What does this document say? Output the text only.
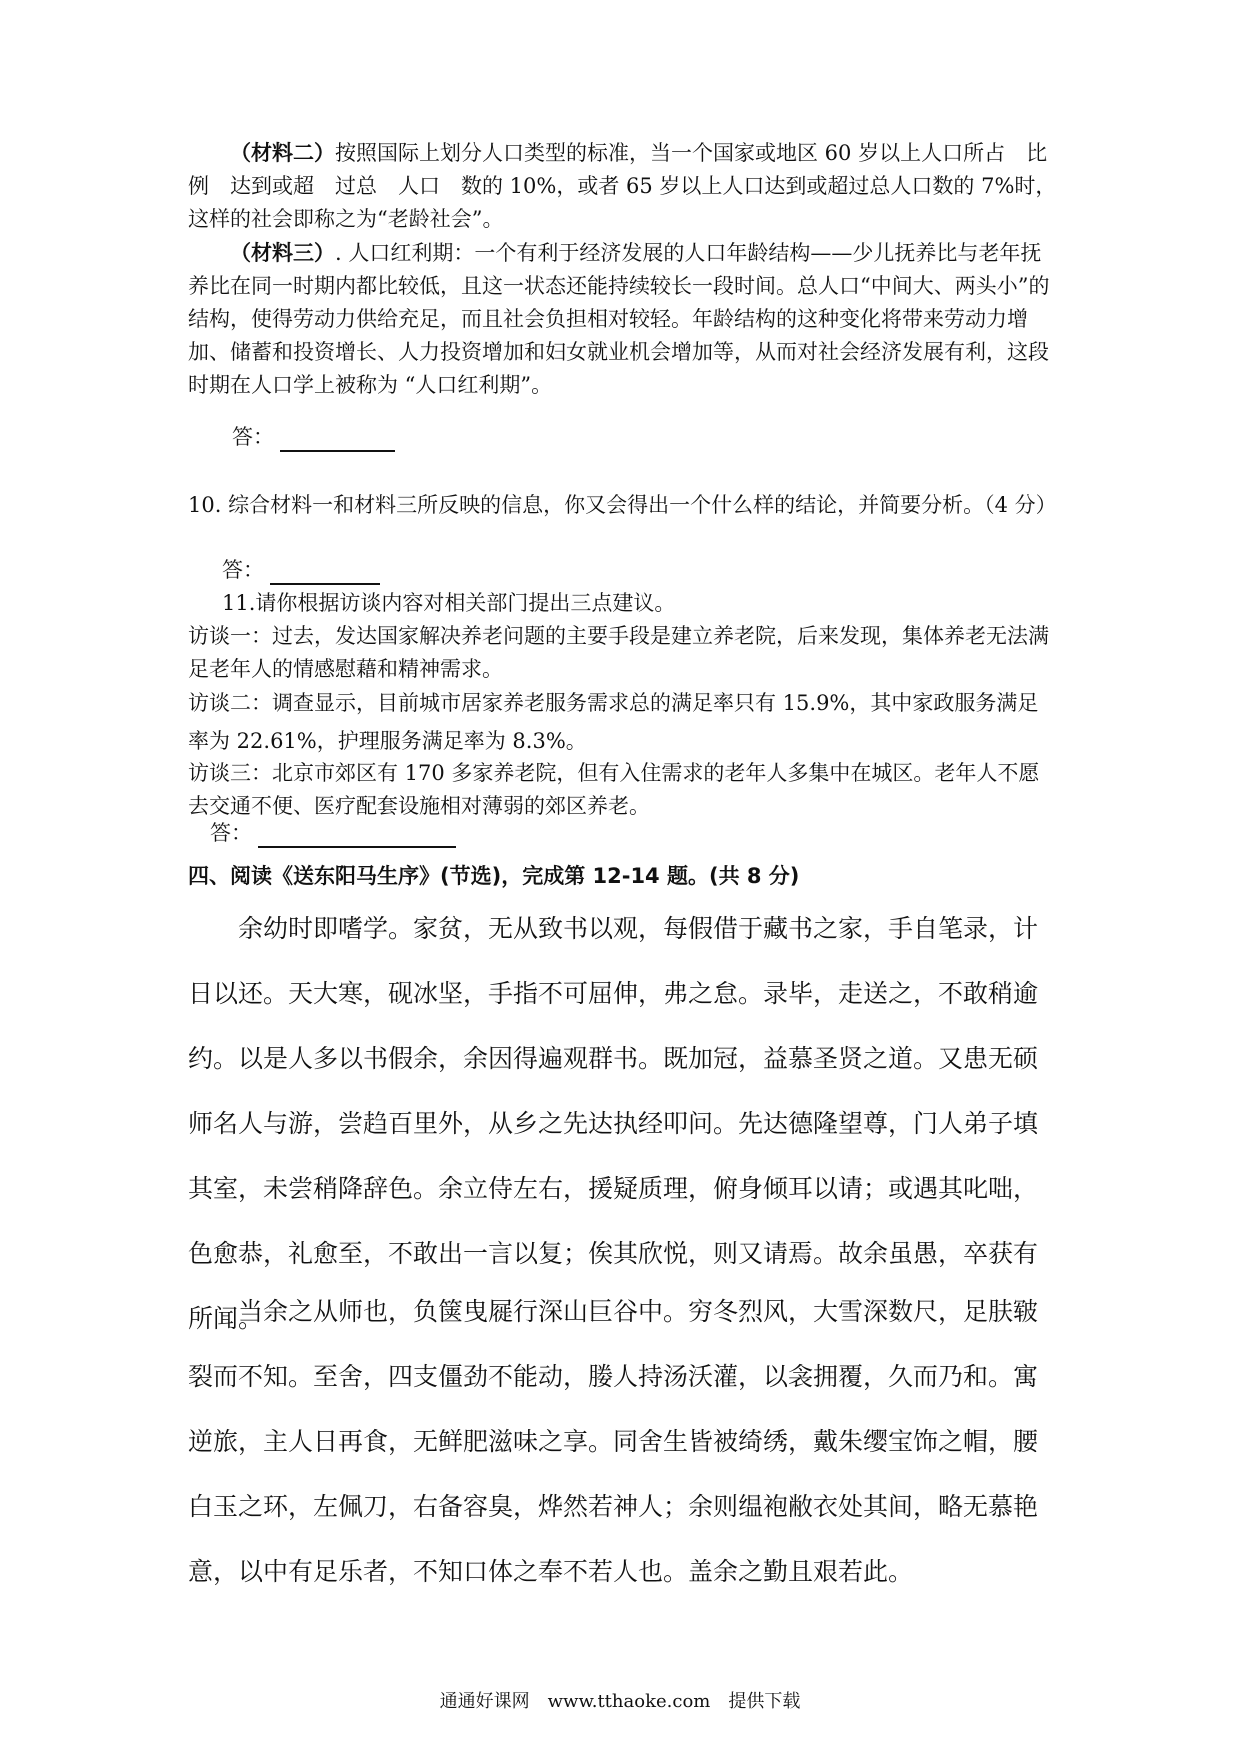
（材料二）按照国际上划分人口类型的标准，当一个国家或地区 60 岁以上人口所占　比例　达到或超　过总　人口　数的 10%，或者 65 岁以上人口达到或超过总人口数的 7%时，这样的社会即称之为“老龄社会”。

（材料三）. 人口红利期：一个有利于经济发展的人口年龄结构——少儿抚养比与老年抚养比在同一时期内都比较低，且这一状态还能持续较长一段时间。总人口“中间大、两头小”的结构，使得劳动力供给充足，而且社会负担相对较轻。年龄结构的这种变化将带来劳动力增加、储蓄和投资增长、人力投资增加和妇女就业机会增加等，从而对社会经济发展有利，这段时期在人口学上被称为 “人口红利期”。

答：

10. 综合材料一和材料三所反映的信息，你又会得出一个什么样的结论，并简要分析。（4 分）

答：

11.请你根据访谈内容对相关部门提出三点建议。

访谈一：过去，发达国家解决养老问题的主要手段是建立养老院，后来发现，集体养老无法满足老年人的情感慰藉和精神需求。

访谈二：调查显示，目前城市居家养老服务需求总的满足率只有 15.9%，其中家政服务满足率为 22.61%，护理服务满足率为 8.3%。

访谈三：北京市郊区有 170 多家养老院，但有入住需求的老年人多集中在城区。老年人不愿去交通不便、医疗配套设施相对薄弱的郊区养老。

答：

四、阅读《送东阳马生序》(节选)，完成第 12-14 题。(共 8 分)

余幼时即嗜学。家贫，无从致书以观，每假借于藏书之家，手自笔录，计日以还。天大寒，砚冰坚，手指不可屈伸，弗之怠。录毕，走送之，不敢稍逾约。以是人多以书假余，余因得遍观群书。既加冠，益慕圣贤之道。又患无硕师名人与游，尝趋百里外，从乡之先达执经叩问。先达德隆望尊，门人弟子填其室，未尝稍降辞色。余立侍左右，援疑质理，俯身倾耳以请；或遇其叱咄，色愈恭，礼愈至，不敢出一言以复；俟其欣悦，则又请焉。故余虽愚，卒获有所闻。

当余之从师也，负箧曳屣行深山巨谷中。穷冬烈风，大雪深数尺，足肤皲裂而不知。至舍，四支僵劲不能动，媵人持汤沃灌，以衾拥覆，久而乃和。寓逆旅，主人日再食，无鲜肥滋味之享。同舍生皆被绮绣，戴朱缨宝饰之帽，腰白玉之环，左佩刀，右备容臭，烨然若神人；余则缊袍敝衣处其间，略无慕艳意，以中有足乐者，不知口体之奉不若人也。盖余之勤且艰若此。

通通好课网　www.tthaoke.com　提供下载
